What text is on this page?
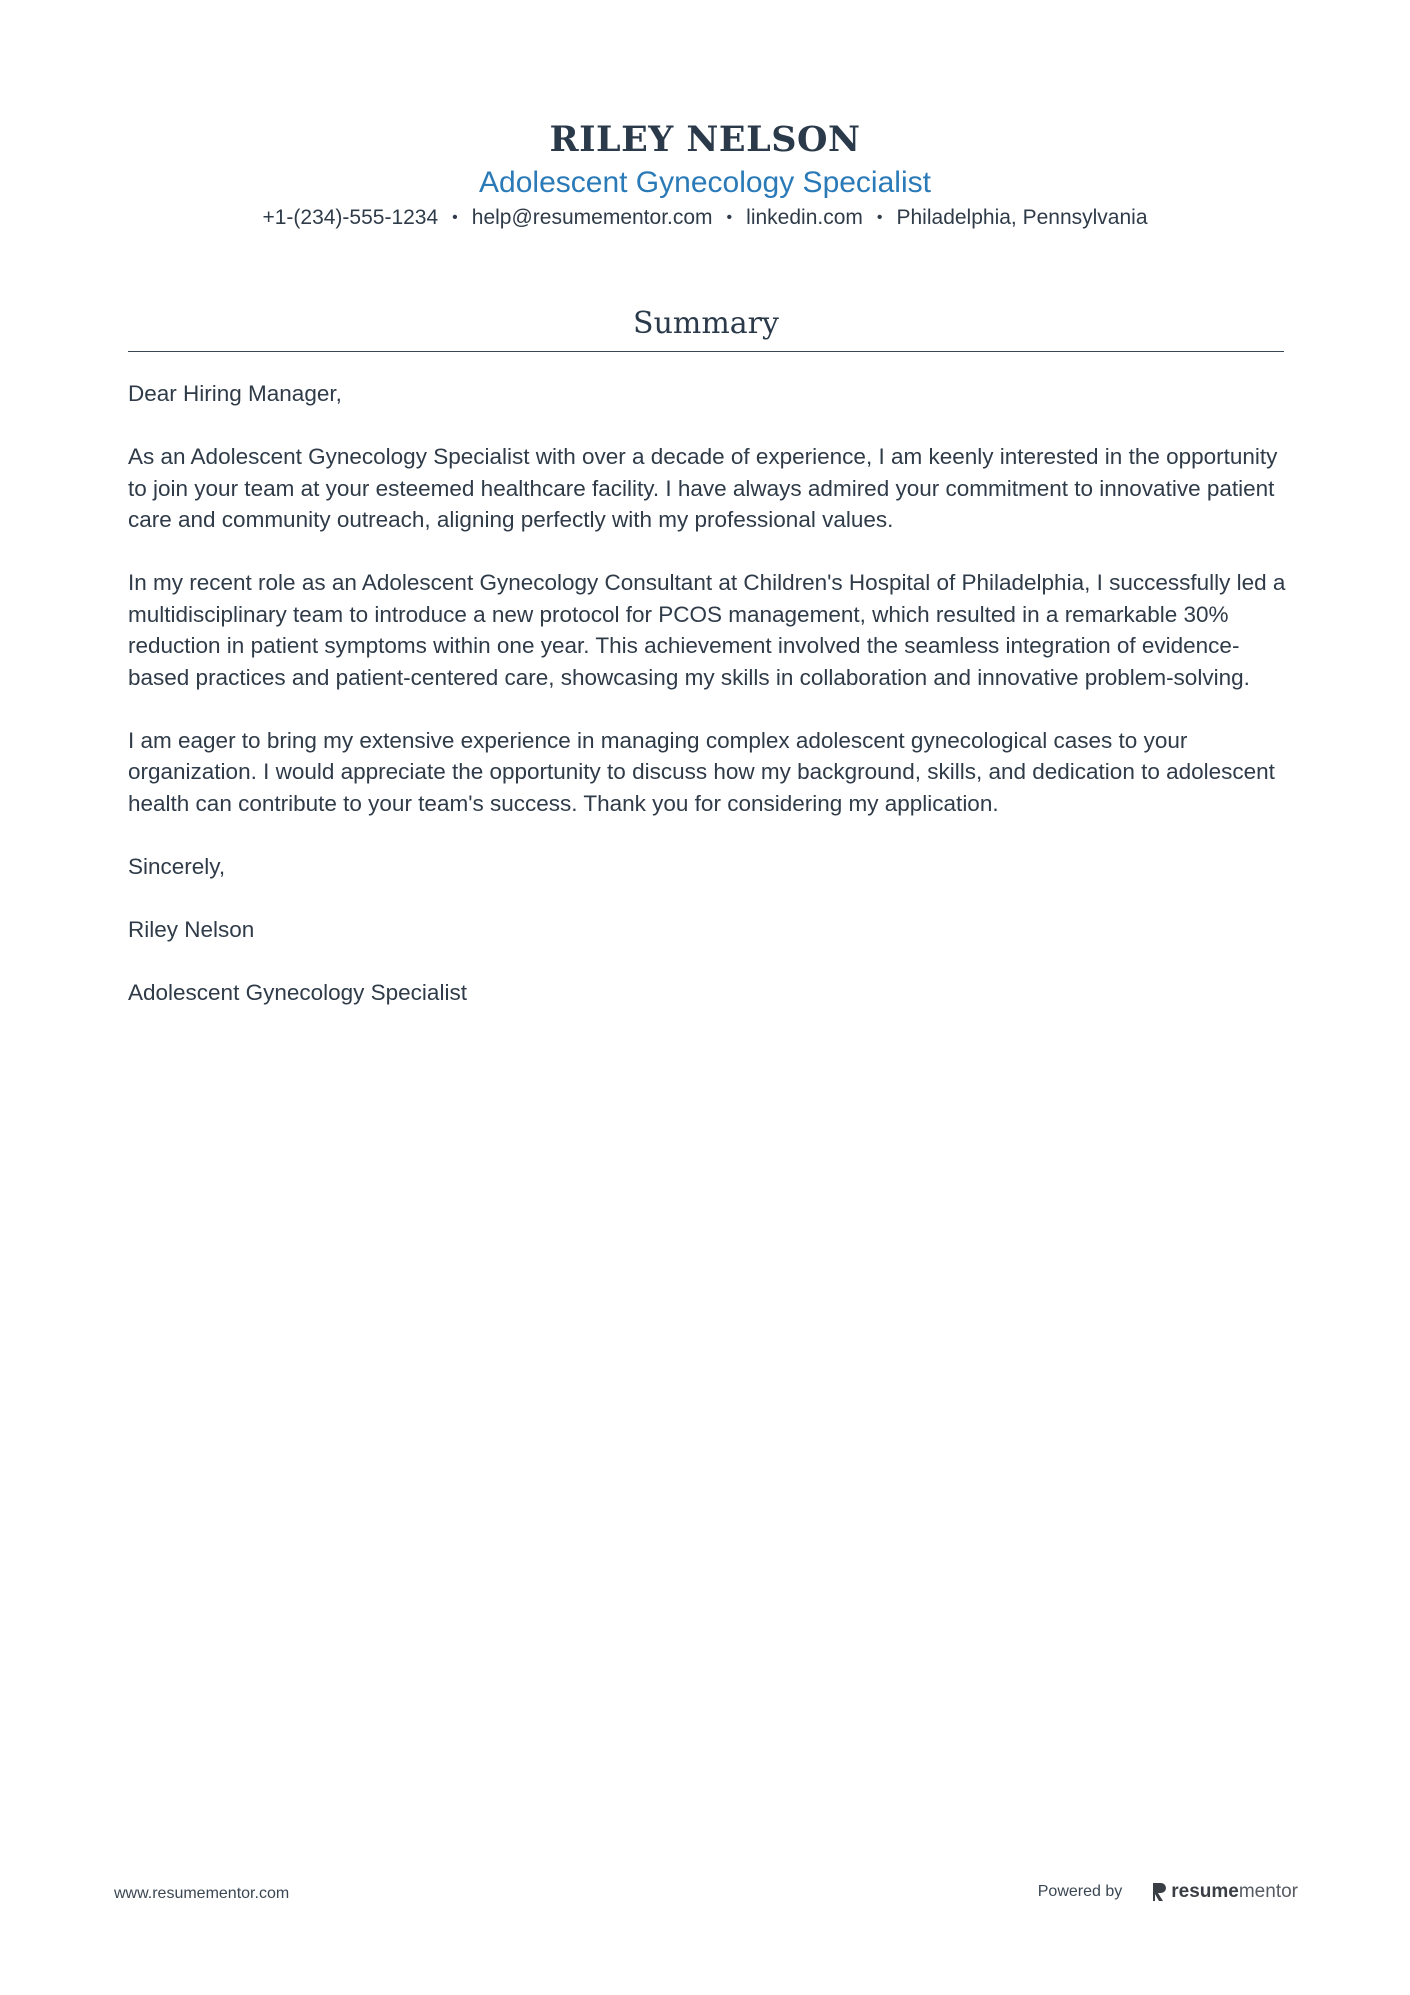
RILEY NELSON
Adolescent Gynecology Specialist
+1-(234)-555-1234 • help@resumementor.com • linkedin.com • Philadelphia, Pennsylvania
Summary

Dear Hiring Manager,

As an Adolescent Gynecology Specialist with over a decade of experience, I am keenly interested in the opportunity to join your team at your esteemed healthcare facility. I have always admired your commitment to innovative patient care and community outreach, aligning perfectly with my professional values.

In my recent role as an Adolescent Gynecology Consultant at Children's Hospital of Philadelphia, I successfully led a multidisciplinary team to introduce a new protocol for PCOS management, which resulted in a remarkable 30% reduction in patient symptoms within one year. This achievement involved the seamless integration of evidence-based practices and patient-centered care, showcasing my skills in collaboration and innovative problem-solving.

I am eager to bring my extensive experience in managing complex adolescent gynecological cases to your organization. I would appreciate the opportunity to discuss how my background, skills, and dedication to adolescent health can contribute to your team's success. Thank you for considering my application.

Sincerely,

Riley Nelson

Adolescent Gynecology Specialist

www.resumementor.com	Powered by	resume mentor
